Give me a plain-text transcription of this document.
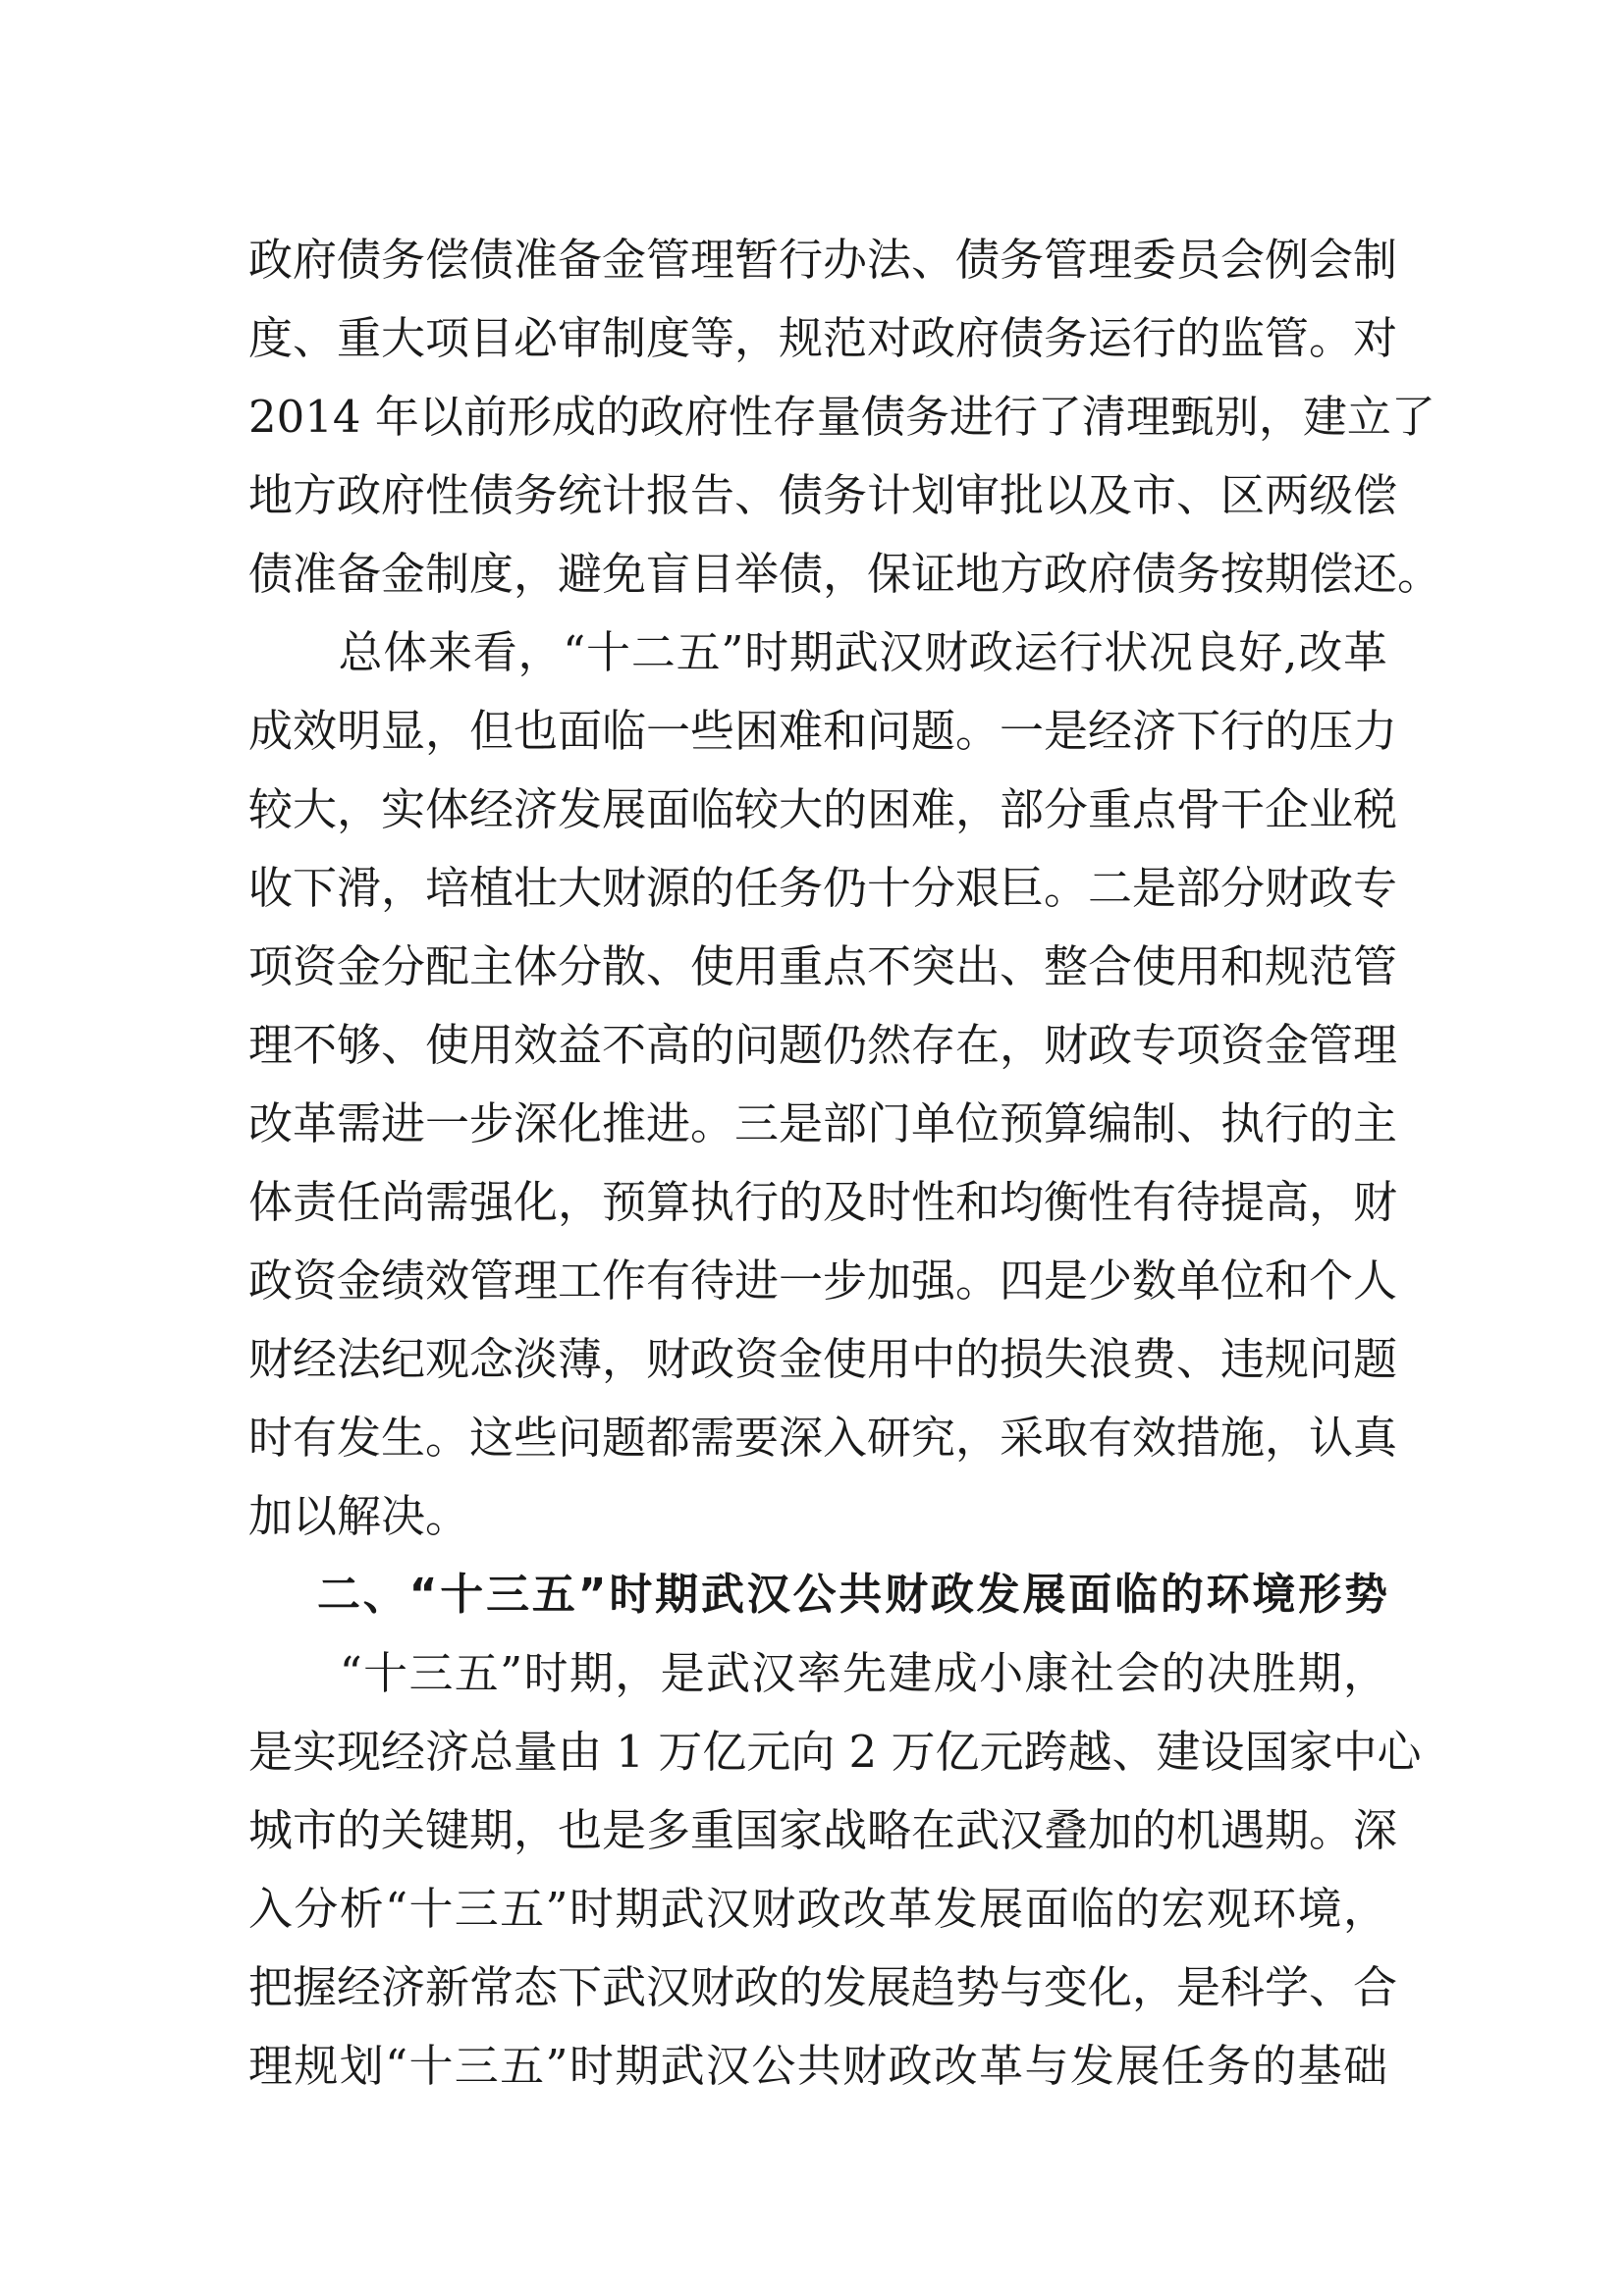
政府债务偿债准备金管理暂行办法、债务管理委员会例会制
度、重大项目必审制度等，规范对政府债务运行的监管。对
2014 年以前形成的政府性存量债务进行了清理甄别，建立了
地方政府性债务统计报告、债务计划审批以及市、区两级偿
债准备金制度，避免盲目举债，保证地方政府债务按期偿还。
　　总体来看，“十二五”时期武汉财政运行状况良好,改革
成效明显，但也面临一些困难和问题。一是经济下行的压力
较大，实体经济发展面临较大的困难，部分重点骨干企业税
收下滑，培植壮大财源的任务仍十分艰巨。二是部分财政专
项资金分配主体分散、使用重点不突出、整合使用和规范管
理不够、使用效益不高的问题仍然存在，财政专项资金管理
改革需进一步深化推进。三是部门单位预算编制、执行的主
体责任尚需强化，预算执行的及时性和均衡性有待提高，财
政资金绩效管理工作有待进一步加强。四是少数单位和个人
财经法纪观念淡薄，财政资金使用中的损失浪费、违规问题
时有发生。这些问题都需要深入研究，采取有效措施，认真
加以解决。
二、“十三五”时期武汉公共财政发展面临的环境形势
　　“十三五”时期，是武汉率先建成小康社会的决胜期，
是实现经济总量由 1 万亿元向 2 万亿元跨越、建设国家中心
城市的关键期，也是多重国家战略在武汉叠加的机遇期。深
入分析“十三五”时期武汉财政改革发展面临的宏观环境，
把握经济新常态下武汉财政的发展趋势与变化，是科学、合
理规划“十三五”时期武汉公共财政改革与发展任务的基础
